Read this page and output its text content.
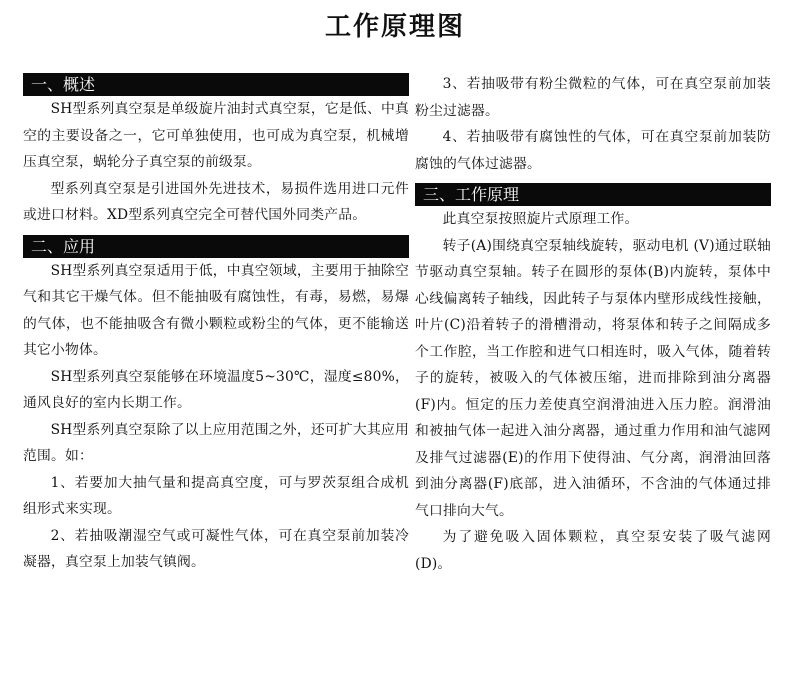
工作原理图
一、概述

SH型系列真空泵是单级旋片油封式真空泵，它是低、中真空的主要设备之一，它可单独使用，也可成为真空泵，机械增压真空泵，蜗轮分子真空泵的前级泵。

型系列真空泵是引进国外先进技术，易损件选用进口元件或进口材料。XD型系列真空完全可替代国外同类产品。

二、应用

SH型系列真空泵适用于低，中真空领域，主要用于抽除空气和其它干燥气体。但不能抽吸有腐蚀性，有毒，易燃，易爆的气体，也不能抽吸含有微小颗粒或粉尘的气体，更不能输送其它小物体。

SH型系列真空泵能够在环境温度5~30℃，湿度≤80%，通风良好的室内长期工作。

SH型系列真空泵除了以上应用范围之外，还可扩大其应用范围。如：

1、若要加大抽气量和提高真空度，可与罗茨泵组合成机组形式来实现。

2、若抽吸潮湿空气或可凝性气体，可在真空泵前加装冷凝器，真空泵上加装气镇阀。

3、若抽吸带有粉尘微粒的气体，可在真空泵前加装粉尘过滤器。

4、若抽吸带有腐蚀性的气体，可在真空泵前加装防腐蚀的气体过滤器。

三、工作原理

此真空泵按照旋片式原理工作。

转子(A)围绕真空泵轴线旋转，驱动电机 (V)通过联轴节驱动真空泵轴。转子在圆形的泵体(B)内旋转，泵体中心线偏离转子轴线，因此转子与泵体内壁形成线性接触，叶片(C)沿着转子的滑槽滑动，将泵体和转子之间隔成多个工作腔，当工作腔和进气口相连时，吸入气体，随着转子的旋转，被吸入的气体被压缩，进而排除到油分离器 (F)内。恒定的压力差使真空润滑油进入压力腔。润滑油和被抽气体一起进入油分离器，通过重力作用和油气滤网及排气过滤器(E)的作用下使得油、气分离，润滑油回落到油分离器(F)底部，进入油循环，不含油的气体通过排气口排向大气。

为了避免吸入固体颗粒，真空泵安装了吸气滤网 (D)。
